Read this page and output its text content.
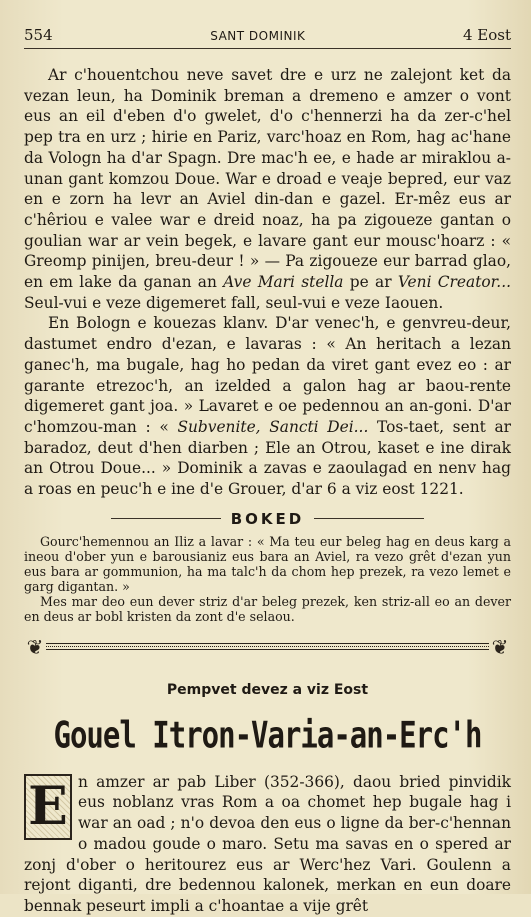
554	SANT DOMINIK	4 Eost

Ar c'houentchou neve savet dre e urz ne zalejont ket da vezan leun, ha Dominik breman a dremeno e amzer o vont eus an eil d'eben d'o gwelet, d'o c'hennerzi ha da zer-c'hel pep tra en urz ; hirie en Pariz, varc'hoaz en Rom, hag ac'hane da Vologn ha d'ar Spagn. Dre mac'h ee, e hade ar miraklou a-unan gant komzou Doue. War e droad e veaje bepred, eur vaz en e zorn ha levr an Aviel din-dan e gazel. Er-mêz eus ar c'hêriou e valee war e dreid noaz, ha pa zigoueze gantan o goulian war ar vein begek, e lavare gant eur mousc'hoarz : « Greomp pinijen, breu-deur ! » — Pa zigoueze eur barrad glao, en em lake da ganan an Ave Mari stella pe ar Veni Creator... Seul-vui e veze digemeret fall, seul-vui e veze Iaouen.

En Bologn e kouezas klanv. D'ar venec'h, e genvreu-deur, dastumet endro d'ezan, e lavaras : « An heritach a lezan ganec'h, ma bugale, hag ho pedan da viret gant evez eo : ar garante etrezoc'h, an izelded a galon hag ar baou-rente digemeret gant joa. » Lavaret e oe pedennou an an-goni. D'ar c'homzou-man : « Subvenite, Sancti Dei... Tos-taet, sent ar baradoz, deut d'hen diarben ; Ele an Otrou, kaset e ine dirak an Otrou Doue... » Dominik a zavas e zaoulagad en nenv hag a roas en peuc'h e ine d'e Grouer, d'ar 6 a viz eost 1221.

BOKED

Gourc'hemennou an Iliz a lavar : « Ma teu eur beleg hag en deus karg a ineou d'ober yun e barousianiz eus bara an Aviel, ra vezo grêt d'ezan yun eus bara ar gommunion, ha ma talc'h da chom hep prezek, ra vezo lemet e garg digantan. »

Mes mar deo eun dever striz d'ar beleg prezek, ken striz-all eo an dever en deus ar bobl kristen da zont d'e selaou.

❦	❦
Pempvet devez a viz Eost
Gouel Itron-Varia-an-Erc'h
E n amzer ar pab Liber (352-366), daou bried pinvidik eus noblanz vras Rom a oa chomet hep bugale hag i war an oad ; n'o devoa den eus o ligne da ber-c'hennan o madou goude o maro. Setu ma savas en o spered ar zonj d'ober o heritourez eus ar Werc'hez Vari. Goulenn a rejont diganti, dre bedennou kalonek, merkan en eun doare bennak peseurt impli a c'hoantae a vije grêt
